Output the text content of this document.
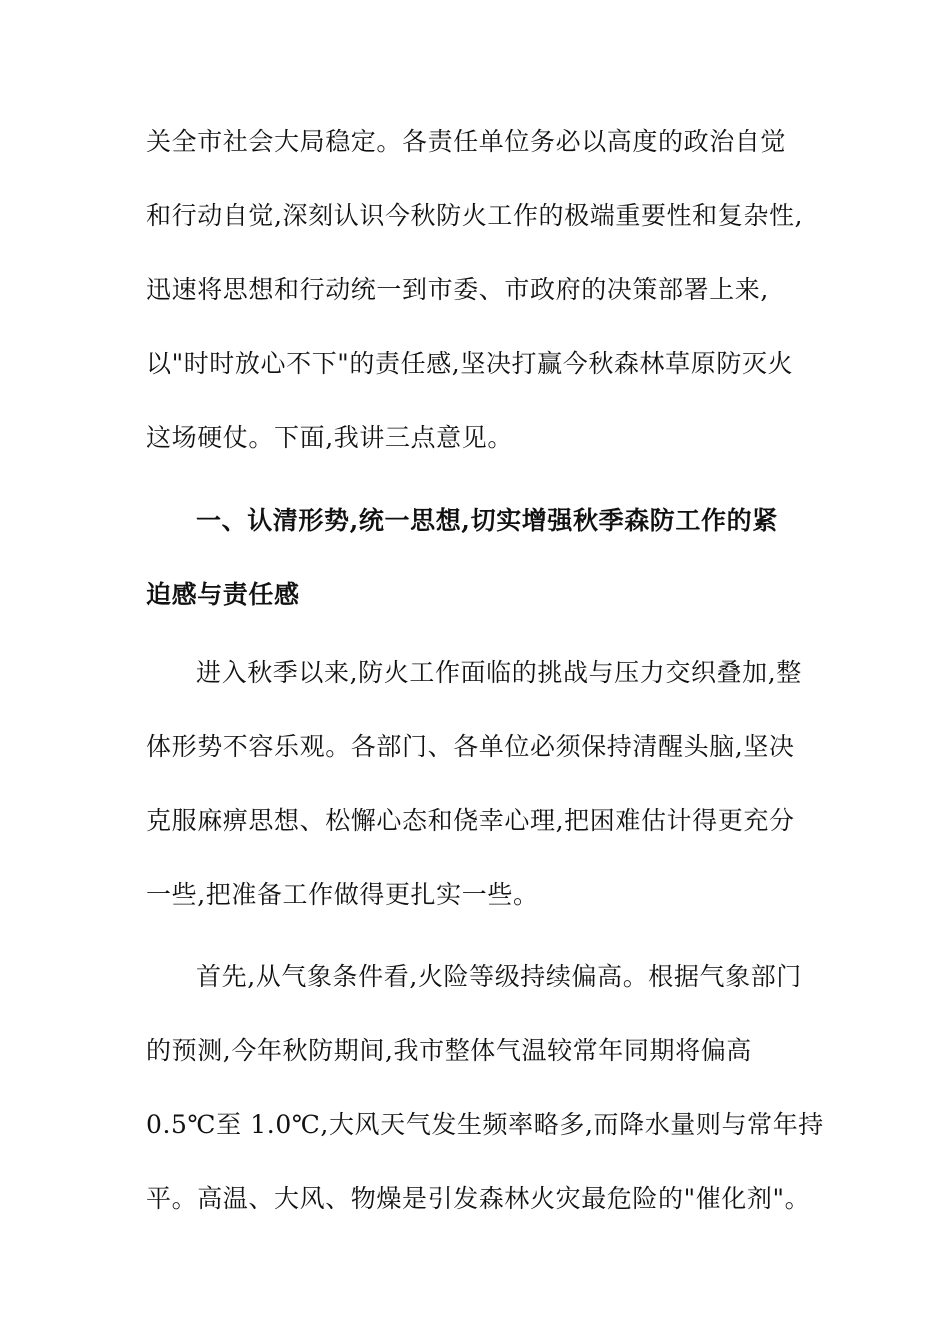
关全市社会大局稳定。各责任单位务必以高度的政治自觉
和行动自觉,深刻认识今秋防火工作的极端重要性和复杂性,
迅速将思想和行动统一到市委、市政府的决策部署上来,
以"时时放心不下"的责任感,坚决打赢今秋森林草原防灭火
这场硬仗。下面,我讲三点意见。
一、认清形势,统一思想,切实增强秋季森防工作的紧
迫感与责任感
进入秋季以来,防火工作面临的挑战与压力交织叠加,整
体形势不容乐观。各部门、各单位必须保持清醒头脑,坚决
克服麻痹思想、松懈心态和侥幸心理,把困难估计得更充分
一些,把准备工作做得更扎实一些。
首先,从气象条件看,火险等级持续偏高。根据气象部门
的预测,今年秋防期间,我市整体气温较常年同期将偏高
0.5℃至 1.0℃,大风天气发生频率略多,而降水量则与常年持
平。高温、大风、物燥是引发森林火灾最危险的"催化剂"。
